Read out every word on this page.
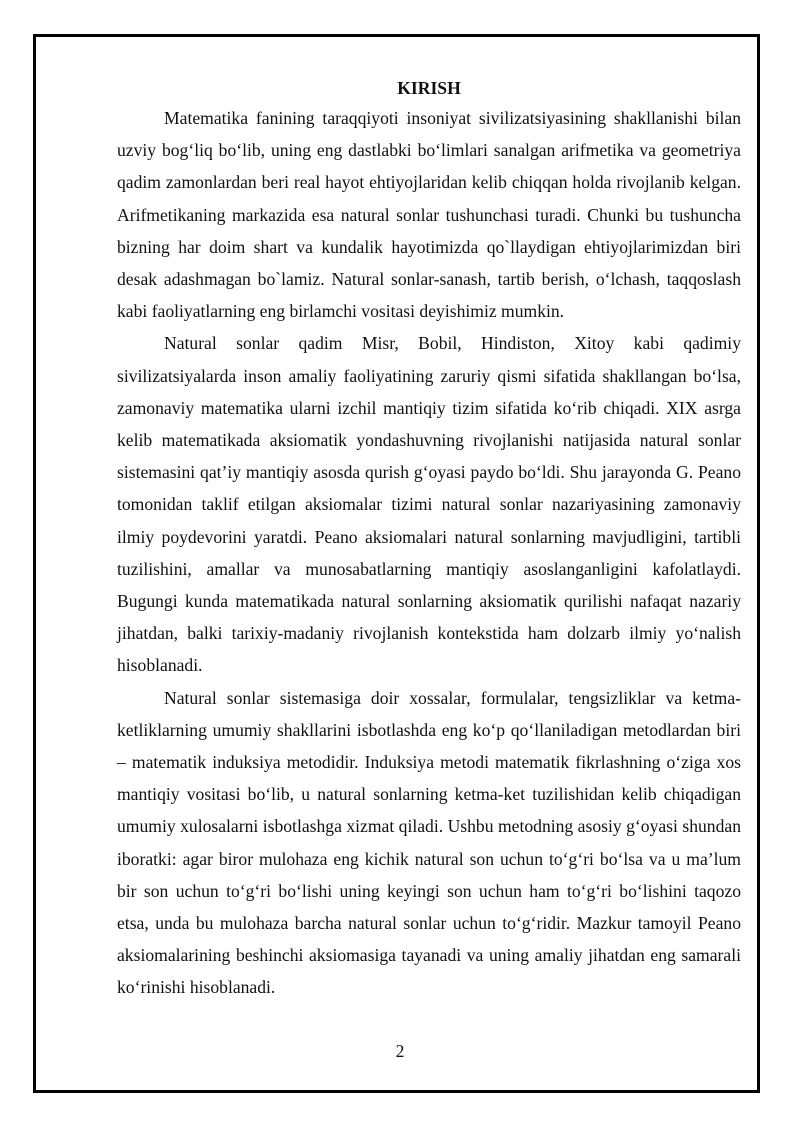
KIRISH

Matematika fanining taraqqiyoti insoniyat sivilizatsiyasining shakllanishi bilan uzviy bog‘liq bo‘lib, uning eng dastlabki bo‘limlari sanalgan arifmetika va geometriya qadim zamonlardan beri real hayot ehtiyojlaridan kelib chiqqan holda rivojlanib kelgan. Arifmetikaning markazida esa natural sonlar tushunchasi turadi. Chunki bu tushuncha bizning har doim shart va kundalik hayotimizda qo`llaydigan ehtiyojlarimizdan biri desak adashmagan bo`lamiz. Natural sonlar-sanash, tartib berish, o‘lchash, taqqoslash kabi faoliyatlarning eng birlamchi vositasi deyishimiz mumkin.

Natural sonlar qadim Misr, Bobil, Hindiston, Xitoy kabi qadimiy sivilizatsiyalarda inson amaliy faoliyatining zaruriy qismi sifatida shakllangan bo‘lsa, zamonaviy matematika ularni izchil mantiqiy tizim sifatida ko‘rib chiqadi. XIX asrga kelib matematikada aksiomatik yondashuvning rivojlanishi natijasida natural sonlar sistemasini qat’iy mantiqiy asosda qurish g‘oyasi paydo bo‘ldi. Shu jarayonda G. Peano tomonidan taklif etilgan aksiomalar tizimi natural sonlar nazariyasining zamonaviy ilmiy poydevorini yaratdi. Peano aksiomalari natural sonlarning mavjudligini, tartibli tuzilishini, amallar va munosabatlarning mantiqiy asoslanganligini kafolatlaydi. Bugungi kunda matematikada natural sonlarning aksiomatik qurilishi nafaqat nazariy jihatdan, balki tarixiy-madaniy rivojlanish kontekstida ham dolzarb ilmiy yo‘nalish hisoblanadi.

Natural sonlar sistemasiga doir xossalar, formulalar, tengsizliklar va ketma-ketliklarning umumiy shakllarini isbotlashda eng ko‘p qo‘llaniladigan metodlardan biri – matematik induksiya metodidir. Induksiya metodi matematik fikrlashning o‘ziga xos mantiqiy vositasi bo‘lib, u natural sonlarning ketma-ket tuzilishidan kelib chiqadigan umumiy xulosalarni isbotlashga xizmat qiladi. Ushbu metodning asosiy g‘oyasi shundan iboratki: agar biror mulohaza eng kichik natural son uchun to‘g‘ri bo‘lsa va u ma’lum bir son uchun to‘g‘ri bo‘lishi uning keyingi son uchun ham to‘g‘ri bo‘lishini taqozo etsa, unda bu mulohaza barcha natural sonlar uchun to‘g‘ridir. Mazkur tamoyil Peano aksiomalarining beshinchi aksiomasiga tayanadi va uning amaliy jihatdan eng samarali ko‘rinishi hisoblanadi.

2
